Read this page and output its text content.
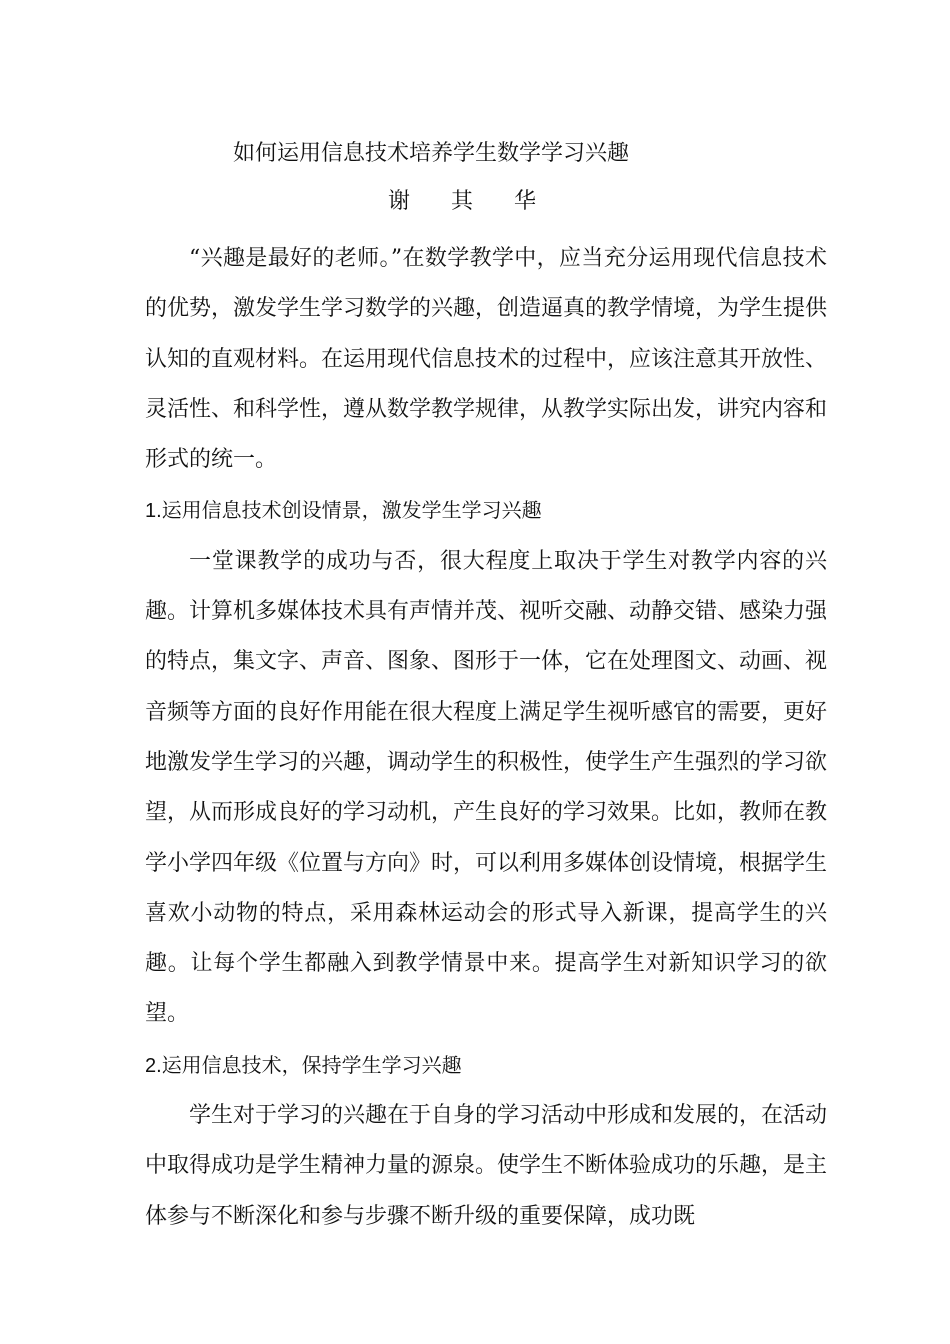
如何运用信息技术培养学生数学学习兴趣
谢 其 华

“兴趣是最好的老师。”在数学教学中，应当充分运用现代信息技术的优势，激发学生学习数学的兴趣，创造逼真的教学情境，为学生提供认知的直观材料。在运用现代信息技术的过程中，应该注意其开放性、灵活性、和科学性，遵从数学教学规律，从教学实际出发，讲究内容和形式的统一。

1.运用信息技术创设情景，激发学生学习兴趣

一堂课教学的成功与否，很大程度上取决于学生对教学内容的兴趣。计算机多媒体技术具有声情并茂、视听交融、动静交错、感染力强的特点，集文字、声音、图象、图形于一体，它在处理图文、动画、视音频等方面的良好作用能在很大程度上满足学生视听感官的需要，更好地激发学生学习的兴趣，调动学生的积极性，使学生产生强烈的学习欲望，从而形成良好的学习动机，产生良好的学习效果。比如，教师在教学小学四年级《位置与方向》时，可以利用多媒体创设情境，根据学生喜欢小动物的特点，采用森林运动会的形式导入新课，提高学生的兴趣。让每个学生都融入到教学情景中来。提高学生对新知识学习的欲望。

2.运用信息技术，保持学生学习兴趣

学生对于学习的兴趣在于自身的学习活动中形成和发展的，在活动中取得成功是学生精神力量的源泉。使学生不断体验成功的乐趣，是主体参与不断深化和参与步骤不断升级的重要保障，成功既
